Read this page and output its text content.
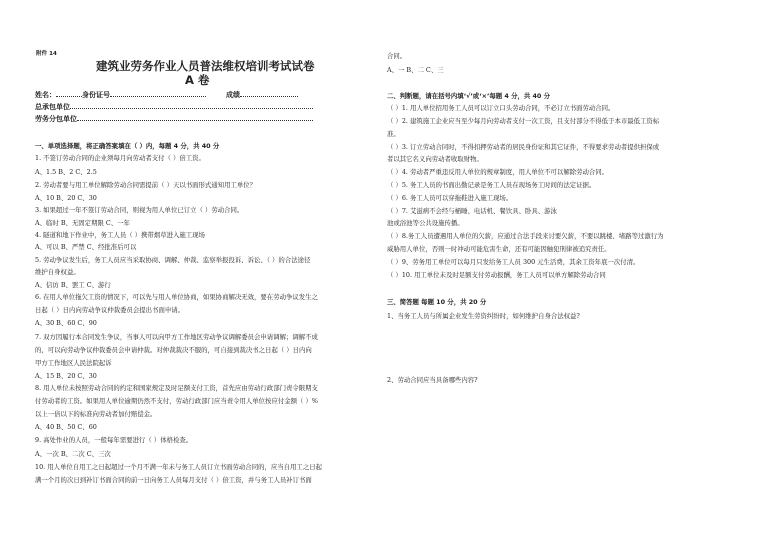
附件 14
建筑业劳务作业人员普法维权培训考试试卷
A 卷
姓名：	身份证号	成绩
总承包单位
劳务分包单位
一、单项选择题，将正确答案填在（ ）内，每题 4 分，共 40 分
1. 不签订劳动合同的企业须每月向劳动者支付（ ）倍工资。
A、1.5 B、2 C、2.5
2. 劳动者要与用工单位解除劳动合同需提前（ ）天以书面形式通知用工单位？
A、10 B、20 C、30
3. 如果超过一年不签订劳动合同，则视为用人单位已订立（ ）劳动合同。
A、临时 B、无固定期限 C、一年
4. 隧道和地下作业中，务工人员（ ）携带烟草进入施工现场
A、可以 B、严禁 C、经批准后可以
5. 劳动争议发生后，务工人员应当采取协商、调解、仲裁、监察举报投诉、诉讼、（ ）的合法途径
维护自身权益。
A、信访 B、罢工 C、游行
6. 在用人单位拖欠工资的情况下，可以先与用人单位协商，如果协商解决无效，要在劳动争议发生之
日起（ ）日内向劳动争议仲裁委员会提出书面申请。
A、30 B、60 C、90
7. 双方因履行本合同发生争议，当事人可以向甲方工作地区劳动争议调解委员会申请调解；调解不成
的，可以向劳动争议仲裁委员会申请仲裁。对仲裁裁决不服的，可自接到裁决书之日起（ ）日内向
甲方工作地区人民法院起诉
A、15 B、20 C、30
8. 用人单位未按照劳动合同的约定和国家规定及时足额支付工资，首先应由劳动行政部门责令限期支
付劳动者的工资。如果用人单位逾期仍然不支付，劳动行政部门应当责令用人单位按应付金额（ ）%
以上一倍以下的标准向劳动者加付赔偿金。
A、40 B、50 C、60
9. 高处作业的人员，一般每年需要进行（ ）体格检查。
A、一次 B、二次 C、三次
10. 用人单位自用工之日起超过一个月不满一年未与务工人员订立书面劳动合同的，应当自用工之日起
满一个月的次日到补订书面合同的前一日向务工人员每月支付（ ）倍工资，并与务工人员补订书面
合同。
A、一 B、二 C、三
二、判断题，请在括号内填‘√’或‘×’每题 4 分，共 40 分
（ ）1. 用人单位招用务工人员可以订立口头劳动合同，不必订立书面劳动合同。
（ ）2. 建筑施工企业应当至少每月向劳动者支付一次工资，且支付部分不得低于本市最低工资标
准。
（ ）3. 订立劳动合同时，不得扣押劳动者的居民身份证和其它证件，不得要求劳动者提供担保或
者以其它名义向劳动者收取财物。
（ ）4. 劳动者严重违反用人单位的规章制度，用人单位不可以解除劳动合同。
（ ）5. 务工人员的书面出勤记录是务工人员在现场务工时间的法定证据。
（ ）6. 务工人员可以穿拖鞋进入施工现场。
（ ）7. 艾滋病不会经与桶睡、电话机、餐饮具、卧具、游泳
池或浴池等公共设施传播。
（ ）8.务工人员遭遇用人单位的欠薪，应通过合法手段来讨要欠薪，不要以跳楼、堵路等过激行为
威胁用人单位，否则一时冲动可能危害生命，还有可能因触犯刑律被追究责任。
（ ）9、劳务用工单位可以每月只发给务工人员 300 元生活费，其余工资年底一次付清。
（ ）10. 用工单位未及时足额支付劳动报酬，务工人员可以单方解除劳动合同
三、简答题 每题 10 分，共 20 分
1、当务工人员与所属企业发生劳资纠纷时，如何维护自身合法权益?
2、劳动合同应当具备哪些内容?
